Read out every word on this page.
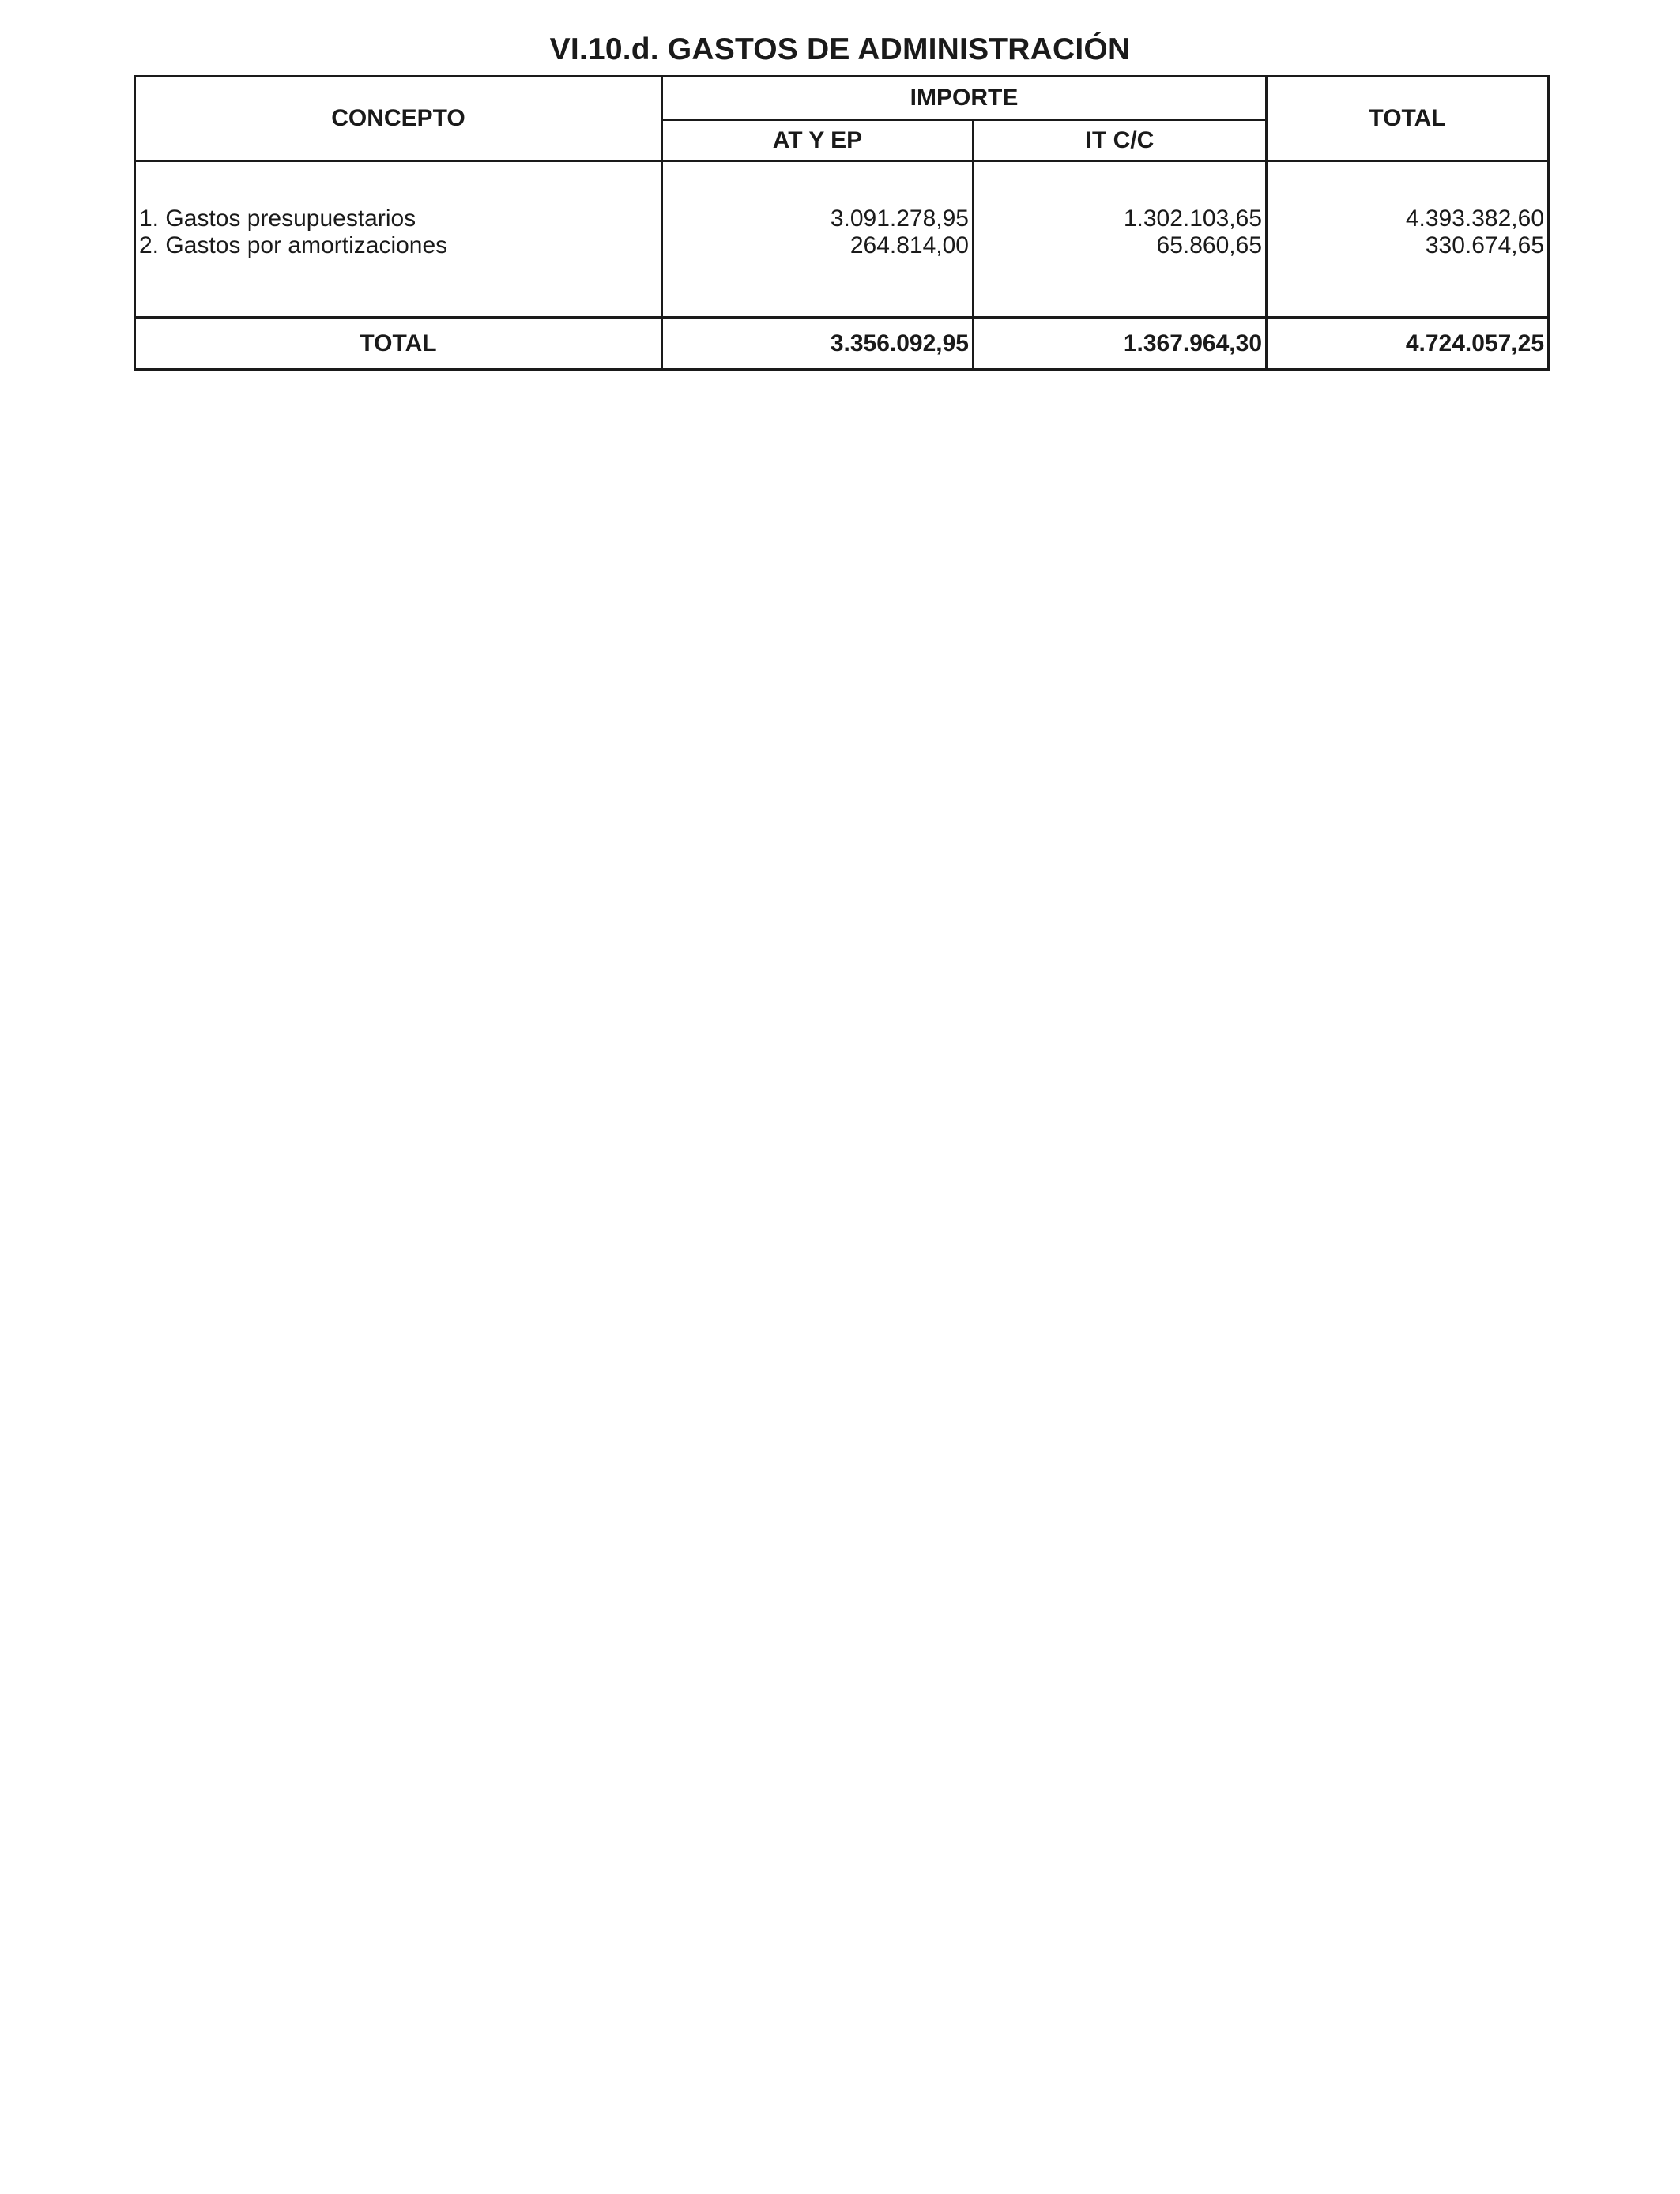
VI.10.d. GASTOS DE ADMINISTRACIÓN
CONCEPTO	IMPORTE		TOTAL
	AT Y EP	IT C/C	
1. Gastos presupuestarios	3.091.278,95	1.302.103,65	4.393.382,60
2. Gastos por amortizaciones	264.814,00	65.860,65	330.674,65
TOTAL	3.356.092,95	1.367.964,30	4.724.057,25
